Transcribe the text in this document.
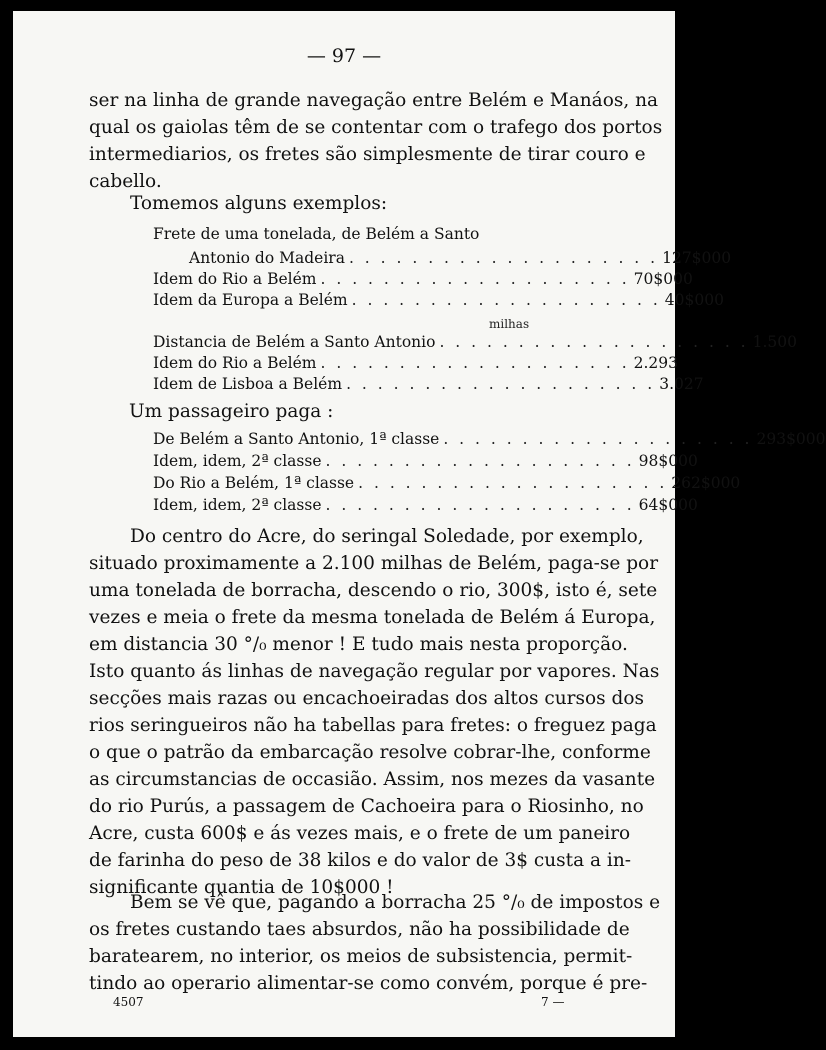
— 97 —
ser na linha de grande navegação entre Belém e Manáos, na
qual os gaiolas têm de se contentar com o trafego dos portos
intermediarios, os fretes são simplesmente de tirar couro e
cabello.
Tomemos alguns exemplos:
Frete de uma tonelada, de Belém a Santo
Antonio do Madeira . . . . . . . . . . . . . . . . . . . . 127$000
Idem do Rio a Belém . . . . . . . . . . . . . . . . . . . . 70$000
Idem da Europa a Belém . . . . . . . . . . . . . . . . . . . . 40$000
milhas
Distancia de Belém a Santo Antonio . . . . . . . . . . . . . . . . . . . . 1.500
Idem do Rio a Belém . . . . . . . . . . . . . . . . . . . . 2.293
Idem de Lisboa a Belém . . . . . . . . . . . . . . . . . . . . 3.027
Um passageiro paga :
De Belém a Santo Antonio, 1ª classe . . . . . . . . . . . . . . . . . . . . 293$000
Idem, idem, 2ª classe . . . . . . . . . . . . . . . . . . . . 98$000
Do Rio a Belém, 1ª classe . . . . . . . . . . . . . . . . . . . . 262$000
Idem, idem, 2ª classe . . . . . . . . . . . . . . . . . . . . 64$000
Do centro do Acre, do seringal Soledade, por exemplo,
situado proximamente a 2.100 milhas de Belém, paga-se por
uma tonelada de borracha, descendo o rio, 300$, isto é, sete
vezes e meia o frete da mesma tonelada de Belém á Europa,
em distancia 30 °/₀ menor ! E tudo mais nesta proporção.
Isto quanto ás linhas de navegação regular por vapores. Nas
secções mais razas ou encachoeiradas dos altos cursos dos
rios seringueiros não ha tabellas para fretes: o freguez paga
o que o patrão da embarcação resolve cobrar-lhe, conforme
as circumstancias de occasião. Assim, nos mezes da vasante
do rio Purús, a passagem de Cachoeira para o Riosinho, no
Acre, custa 600$ e ás vezes mais, e o frete de um paneiro
de farinha do peso de 38 kilos e do valor de 3$ custa a in-
significante quantia de 10$000 !
Bem se vê que, pagando a borracha 25 °/₀ de impostos e
os fretes custando taes absurdos, não ha possibilidade de
baratearem, no interior, os meios de subsistencia, permit-
tindo ao operario alimentar-se como convém, porque é pre-
4507	7 —
